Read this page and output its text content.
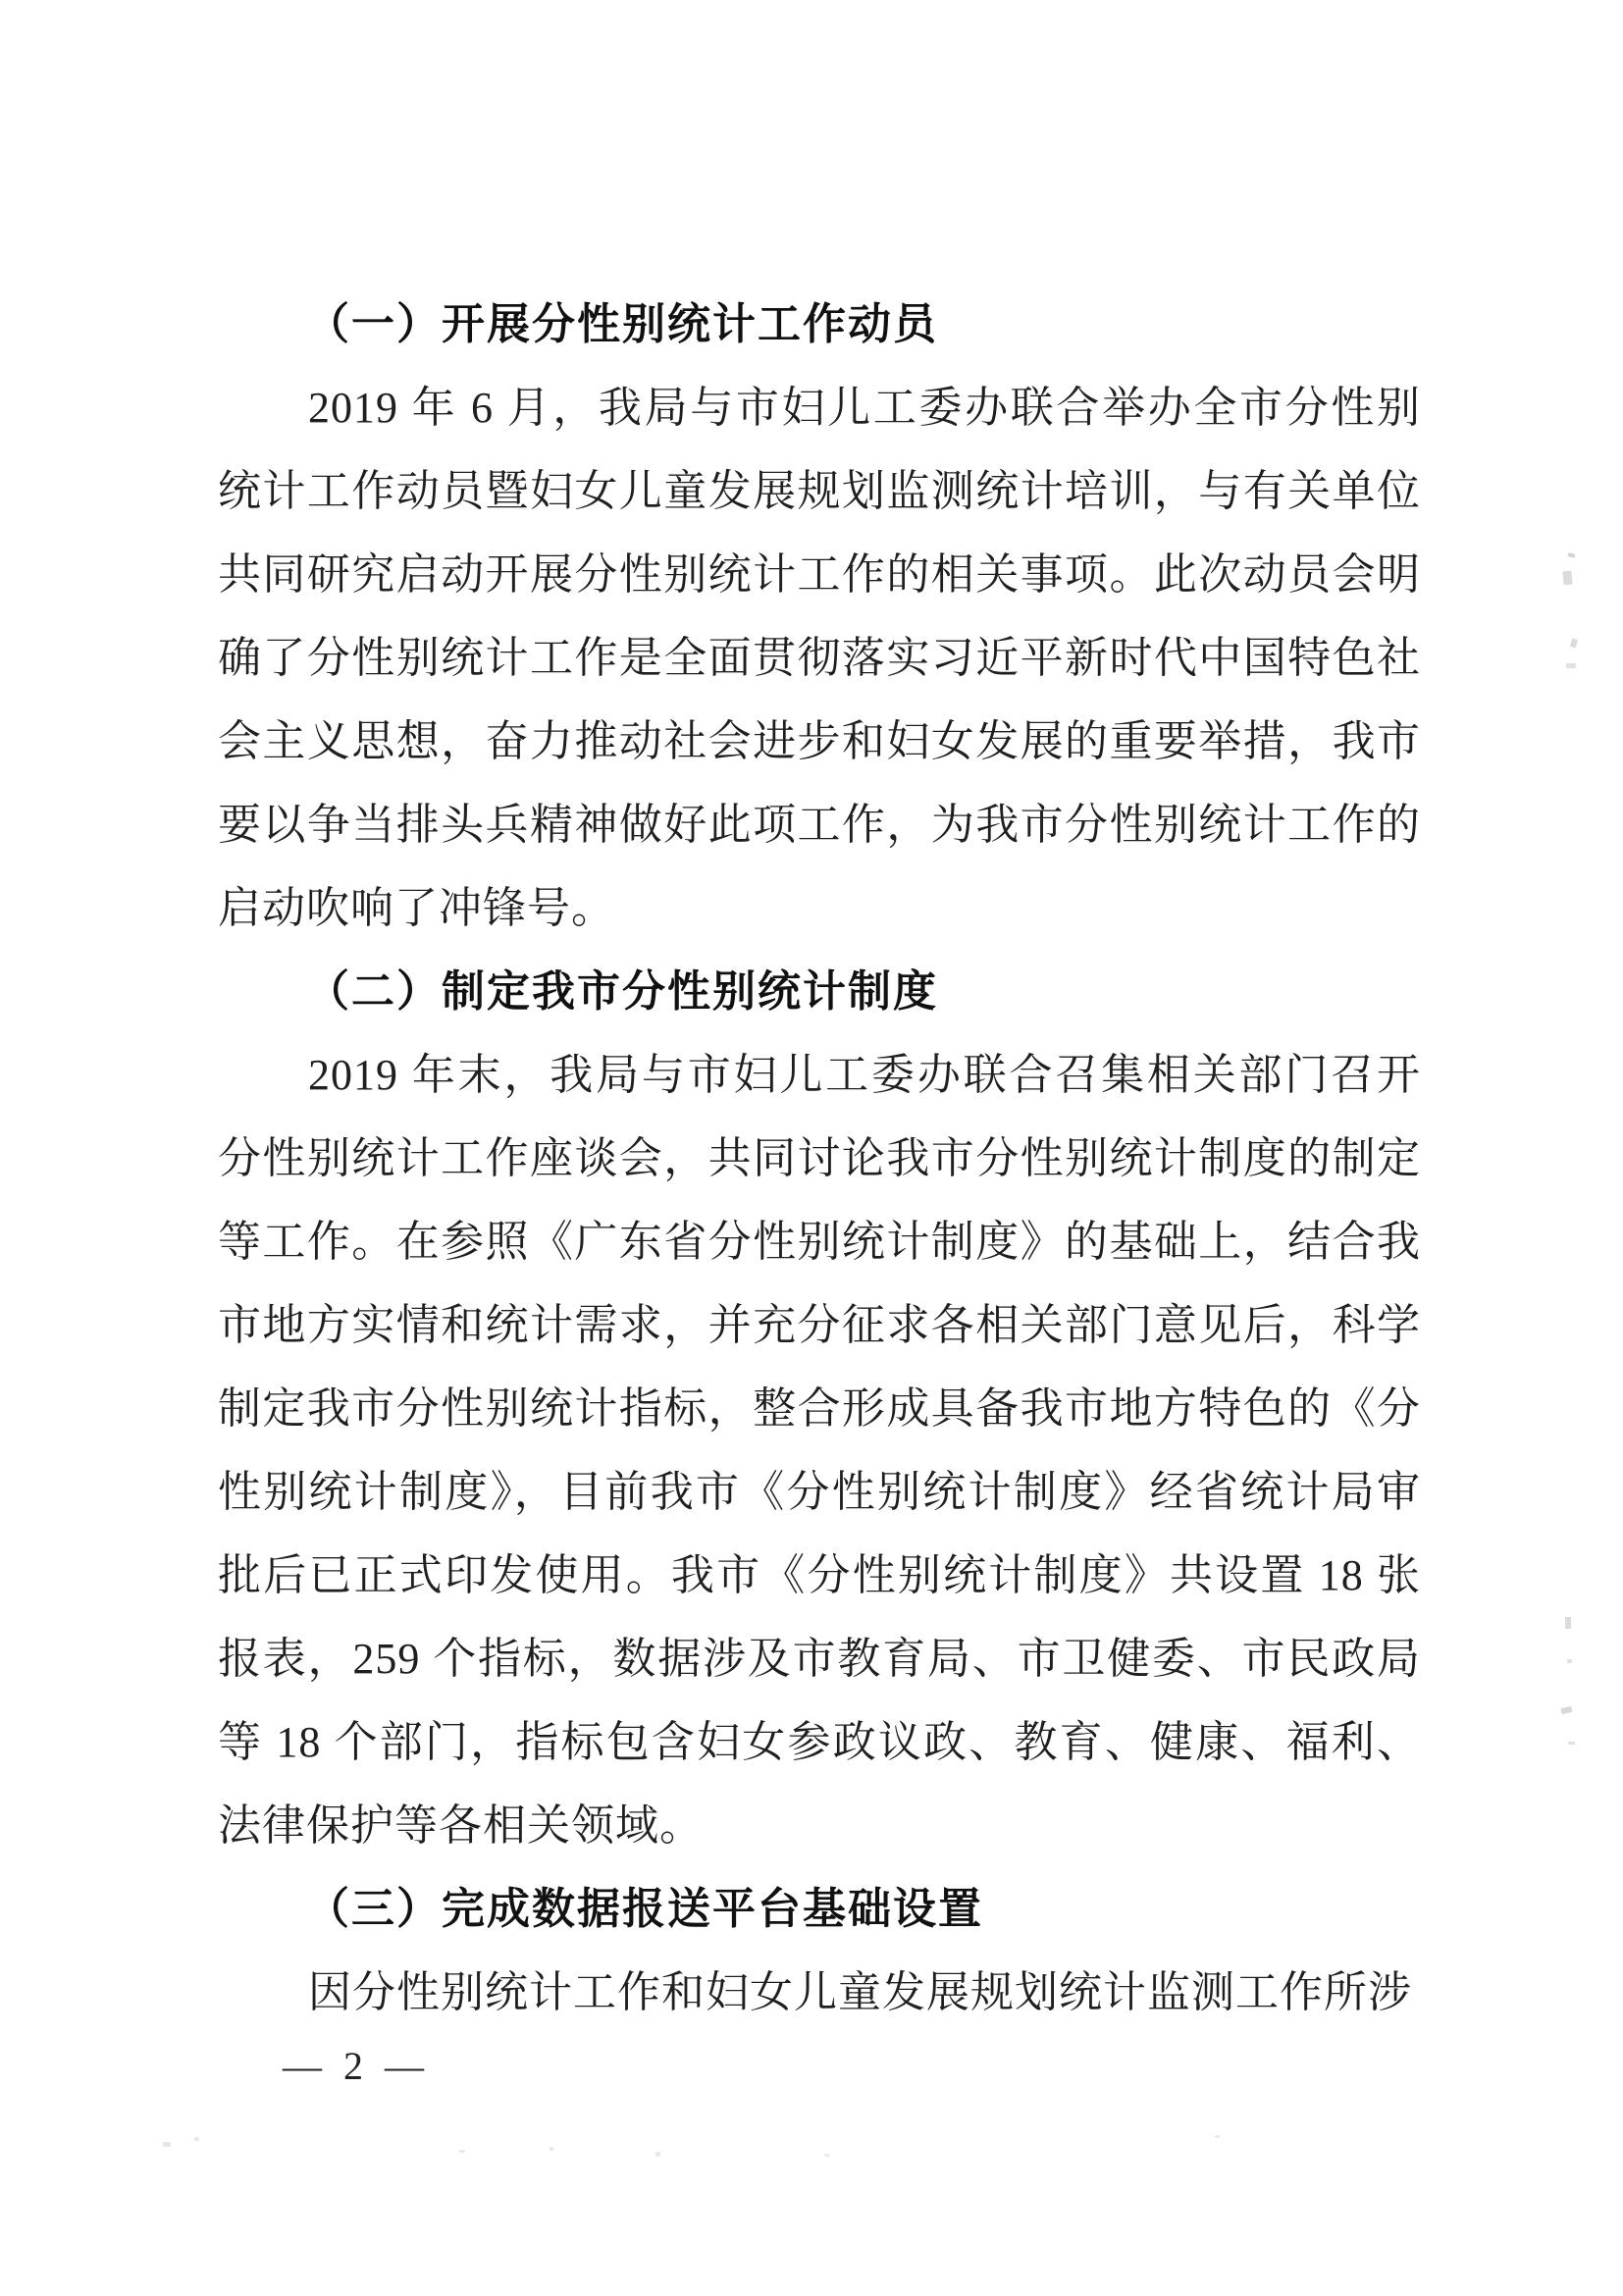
（一）开展分性别统计工作动员

2019 年 6 月，我局与市妇儿工委办联合举办全市分性别统计工作动员暨妇女儿童发展规划监测统计培训，与有关单位共同研究启动开展分性别统计工作的相关事项。此次动员会明确了分性别统计工作是全面贯彻落实习近平新时代中国特色社会主义思想，奋力推动社会进步和妇女发展的重要举措，我市要以争当排头兵精神做好此项工作，为我市分性别统计工作的启动吹响了冲锋号。

（二）制定我市分性别统计制度

2019 年末，我局与市妇儿工委办联合召集相关部门召开分性别统计工作座谈会，共同讨论我市分性别统计制度的制定等工作。在参照《广东省分性别统计制度》的基础上，结合我市地方实情和统计需求，并充分征求各相关部门意见后，科学制定我市分性别统计指标，整合形成具备我市地方特色的《分性别统计制度》，目前我市《分性别统计制度》经省统计局审批后已正式印发使用。我市《分性别统计制度》共设置 18 张报表，259 个指标，数据涉及市教育局、市卫健委、市民政局等 18 个部门，指标包含妇女参政议政、教育、健康、福利、法律保护等各相关领域。

（三）完成数据报送平台基础设置

因分性别统计工作和妇女儿童发展规划统计监测工作所涉

— 2 —
